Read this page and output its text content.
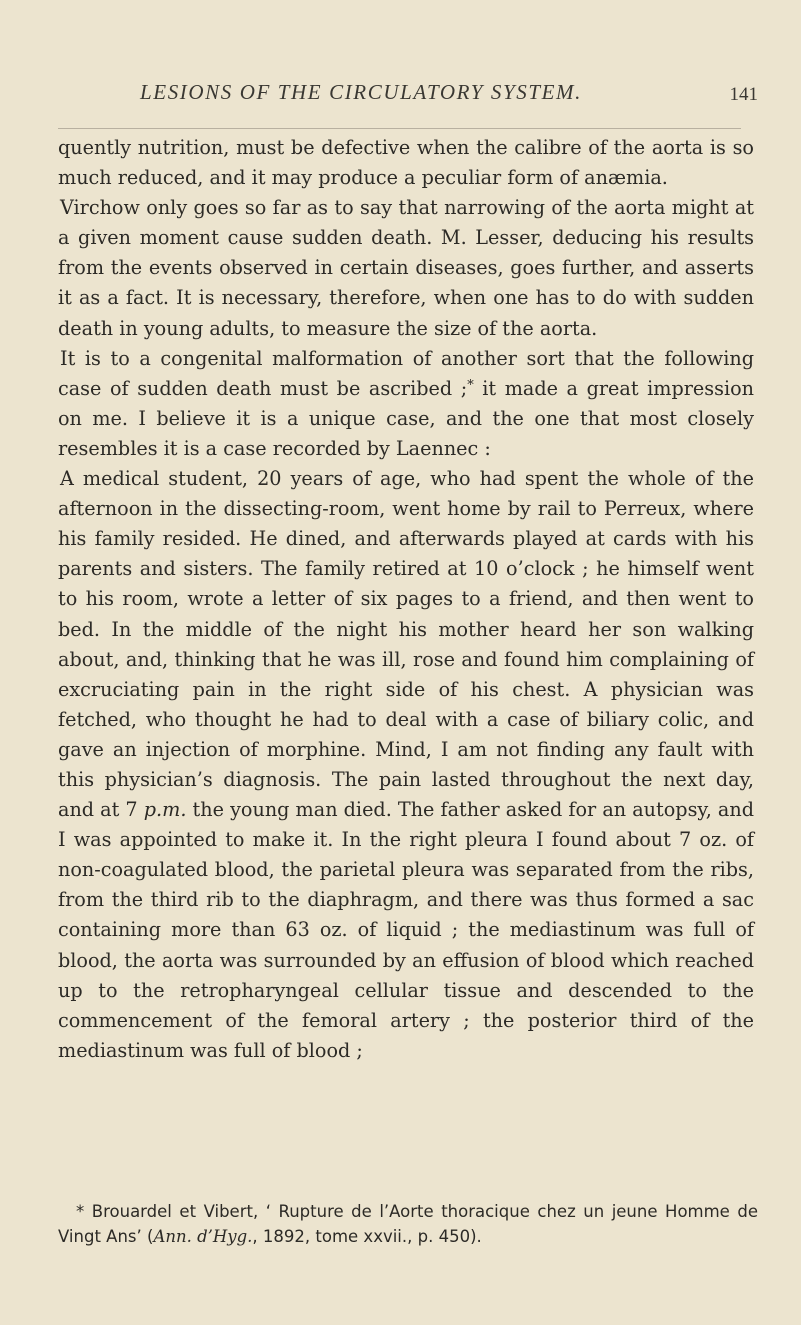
LESIONS OF THE CIRCULATORY SYSTEM.	141

quently nutrition, must be defective when the calibre of the aorta is so much reduced, and it may produce a peculiar form of anæmia.

Virchow only goes so far as to say that narrowing of the aorta might at a given moment cause sudden death. M. Lesser, deducing his results from the events observed in certain diseases, goes further, and asserts it as a fact. It is necessary, therefore, when one has to do with sudden death in young adults, to measure the size of the aorta.

It is to a congenital malformation of another sort that the following case of sudden death must be ascribed ;* it made a great impression on me. I believe it is a unique case, and the one that most closely resembles it is a case recorded by Laennec :

A medical student, 20 years of age, who had spent the whole of the afternoon in the dissecting-room, went home by rail to Perreux, where his family resided. He dined, and afterwards played at cards with his parents and sisters. The family retired at 10 o’clock ; he himself went to his room, wrote a letter of six pages to a friend, and then went to bed. In the middle of the night his mother heard her son walking about, and, thinking that he was ill, rose and found him complaining of excruciating pain in the right side of his chest. A physician was fetched, who thought he had to deal with a case of biliary colic, and gave an injection of morphine. Mind, I am not finding any fault with this physician’s diagnosis. The pain lasted throughout the next day, and at 7 p.m. the young man died. The father asked for an autopsy, and I was appointed to make it. In the right pleura I found about 7 oz. of non-coagulated blood, the parietal pleura was separated from the ribs, from the third rib to the diaphragm, and there was thus formed a sac containing more than 63 oz. of liquid ; the mediastinum was full of blood, the aorta was surrounded by an effusion of blood which reached up to the retropharyngeal cellular tissue and descended to the commencement of the femoral artery ; the posterior third of the mediastinum was full of blood ;

* Brouardel et Vibert, ‘ Rupture de l’Aorte thoracique chez un jeune Homme de Vingt Ans’ (Ann. d’Hyg., 1892, tome xxvii., p. 450).
